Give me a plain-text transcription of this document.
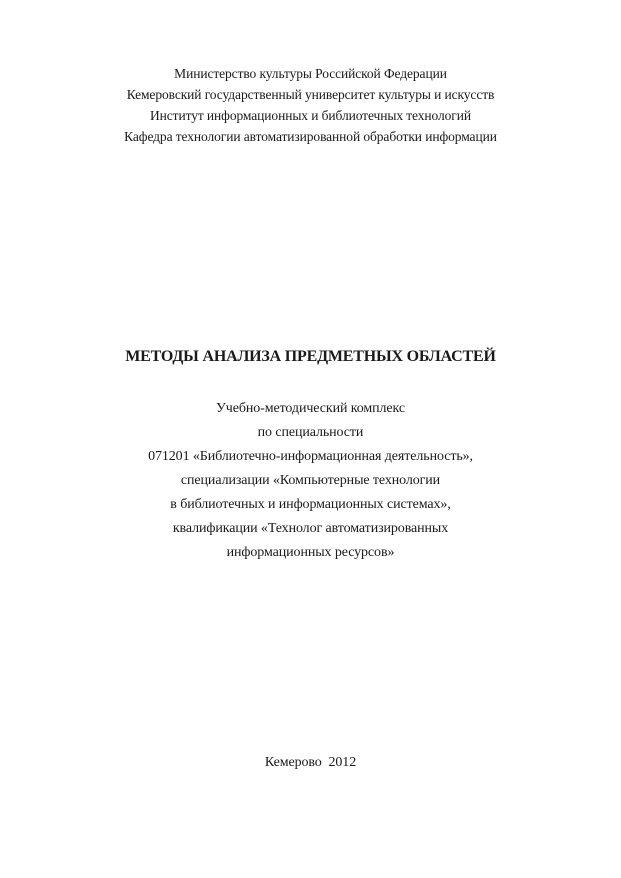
Министерство культуры Российской Федерации
Кемеровский государственный университет культуры и искусств
Институт информационных и библиотечных технологий
Кафедра технологии автоматизированной обработки информации
МЕТОДЫ АНАЛИЗА ПРЕДМЕТНЫХ ОБЛАСТЕЙ
Учебно-методический комплекс
по специальности
071201 «Библиотечно-информационная деятельность»,
специализации «Компьютерные технологии
в библиотечных и информационных системах»,
квалификации «Технолог автоматизированных
информационных ресурсов»
Кемерово  2012
